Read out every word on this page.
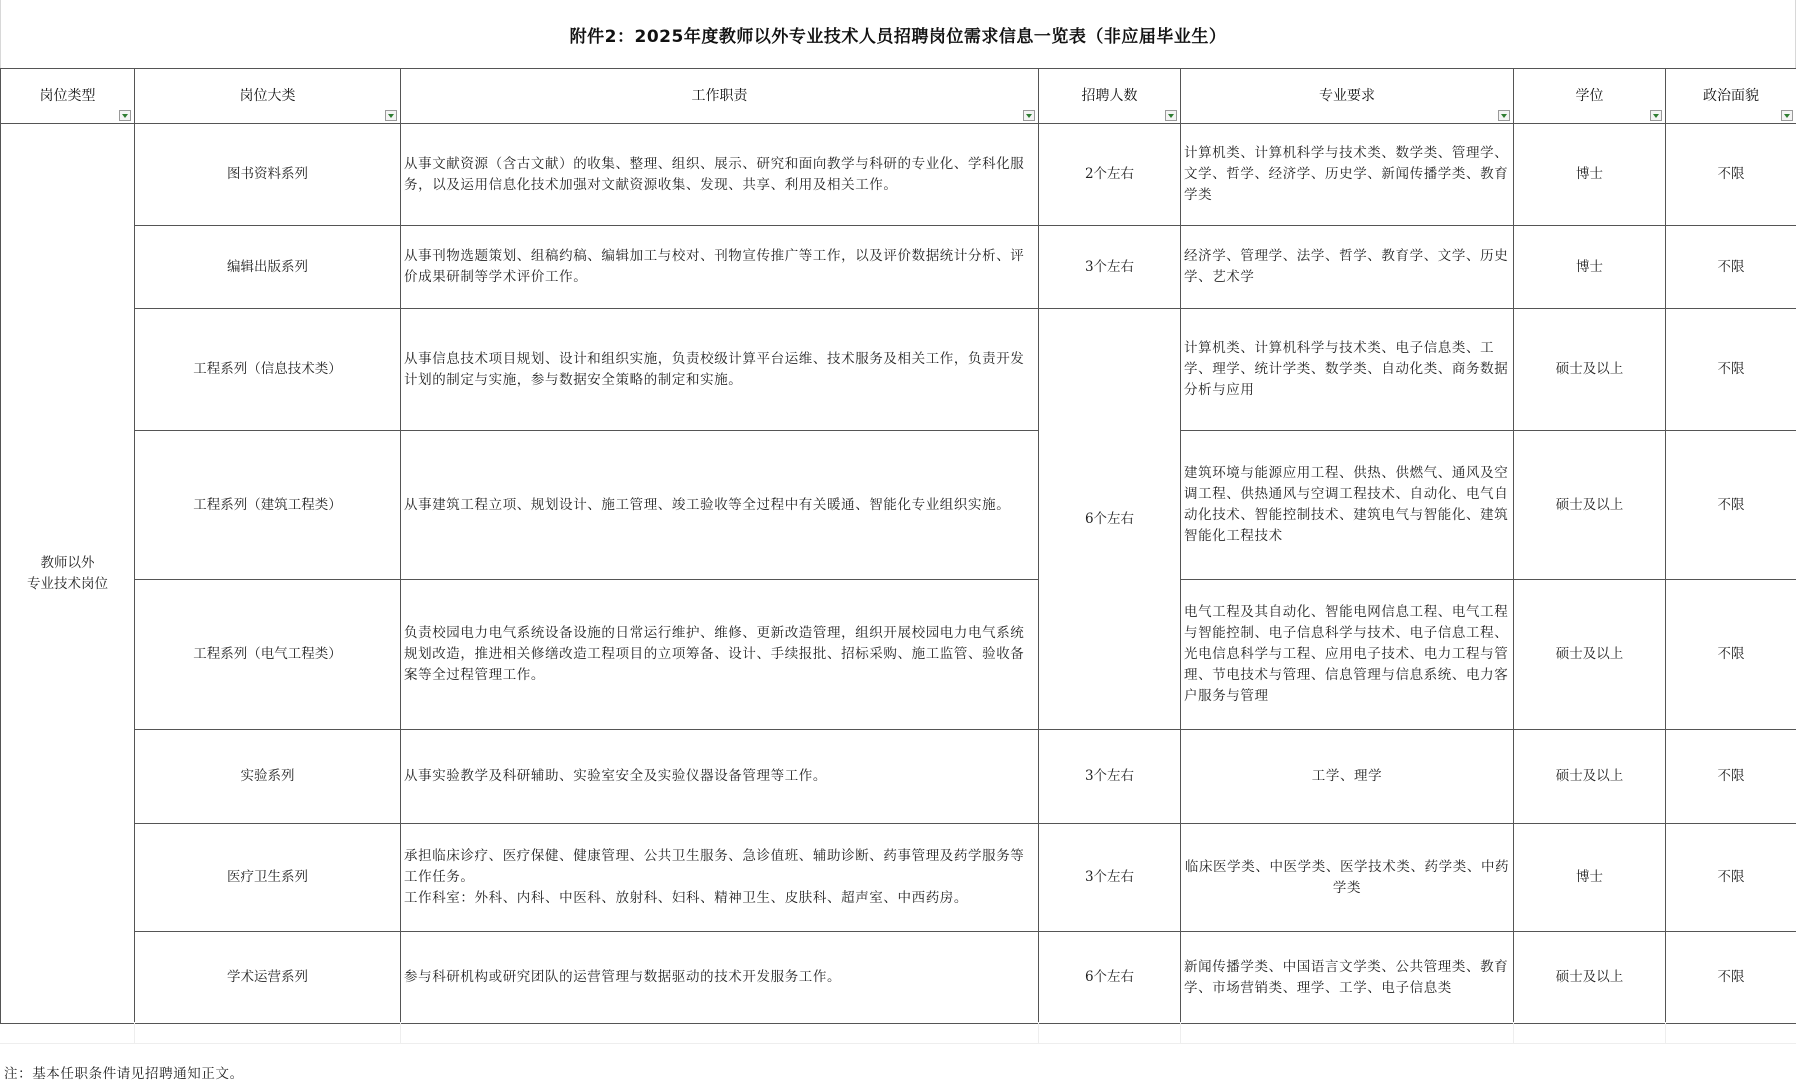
附件2：2025年度教师以外专业技术人员招聘岗位需求信息一览表（非应届毕业生）
岗位类型	岗位大类	工作职责	招聘人数	专业要求	学位	政治面貌

教师以外
专业技术岗位	图书资料系列	从事文献资源（含古文献）的收集、整理、组织、展示、研究和面向教学与科研的专业化、学科化服务，以及运用信息化技术加强对文献资源收集、发现、共享、利用及相关工作。	2个左右	计算机类、计算机科学与技术类、数学类、管理学、文学、哲学、经济学、历史学、新闻传播学类、教育学类	博士	不限
	编辑出版系列	从事刊物选题策划、组稿约稿、编辑加工与校对、刊物宣传推广等工作，以及评价数据统计分析、评价成果研制等学术评价工作。	3个左右	经济学、管理学、法学、哲学、教育学、文学、历史学、艺术学	博士	不限
	工程系列（信息技术类）	从事信息技术项目规划、设计和组织实施，负责校级计算平台运维、技术服务及相关工作，负责开发计划的制定与实施，参与数据安全策略的制定和实施。	6个左右	计算机类、计算机科学与技术类、电子信息类、工学、理学、统计学类、数学类、自动化类、商务数据分析与应用	硕士及以上	不限
	工程系列（建筑工程类）	从事建筑工程立项、规划设计、施工管理、竣工验收等全过程中有关暖通、智能化专业组织实施。		建筑环境与能源应用工程、供热、供燃气、通风及空调工程、供热通风与空调工程技术、自动化、电气自动化技术、智能控制技术、建筑电气与智能化、建筑智能化工程技术	硕士及以上	不限
	工程系列（电气工程类）	负责校园电力电气系统设备设施的日常运行维护、维修、更新改造管理，组织开展校园电力电气系统规划改造，推进相关修缮改造工程项目的立项筹备、设计、手续报批、招标采购、施工监管、验收备案等全过程管理工作。		电气工程及其自动化、智能电网信息工程、电气工程与智能控制、电子信息科学与技术、电子信息工程、光电信息科学与工程、应用电子技术、电力工程与管理、节电技术与管理、信息管理与信息系统、电力客户服务与管理	硕士及以上	不限
	实验系列	从事实验教学及科研辅助、实验室安全及实验仪器设备管理等工作。	3个左右	工学、理学	硕士及以上	不限
	医疗卫生系列	承担临床诊疗、医疗保健、健康管理、公共卫生服务、急诊值班、辅助诊断、药事管理及药学服务等工作任务。
工作科室：外科、内科、中医科、放射科、妇科、精神卫生、皮肤科、超声室、中西药房。	3个左右	临床医学类、中医学类、医学技术类、药学类、中药学类	博士	不限
	学术运营系列	参与科研机构或研究团队的运营管理与数据驱动的技术开发服务工作。	6个左右	新闻传播学类、中国语言文学类、公共管理类、教育学、市场营销类、理学、工学、电子信息类	硕士及以上	不限
注：基本任职条件请见招聘通知正文。
